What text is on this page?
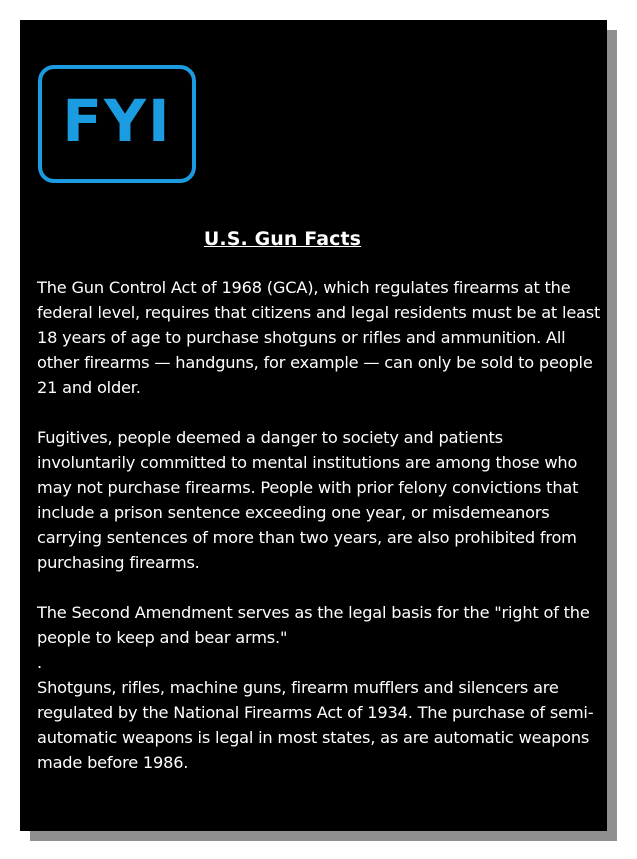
FYI
U.S. Gun Facts

The Gun Control Act of 1968 (GCA), which regulates firearms at the federal level, requires that citizens and legal residents must be at least 18 years of age to purchase shotguns or rifles and ammunition. All other firearms — handguns, for example — can only be sold to people 21 and older.

Fugitives, people deemed a danger to society and patients involuntarily committed to mental institutions are among those who may not purchase firearms. People with prior felony convictions that include a prison sentence exceeding one year, or misdemeanors carrying sentences of more than two years, are also prohibited from purchasing firearms.

The Second Amendment serves as the legal basis for the "right of the people to keep and bear arms."

.

Shotguns, rifles, machine guns, firearm mufflers and silencers are regulated by the National Firearms Act of 1934. The purchase of semi-automatic weapons is legal in most states, as are automatic weapons made before 1986.
